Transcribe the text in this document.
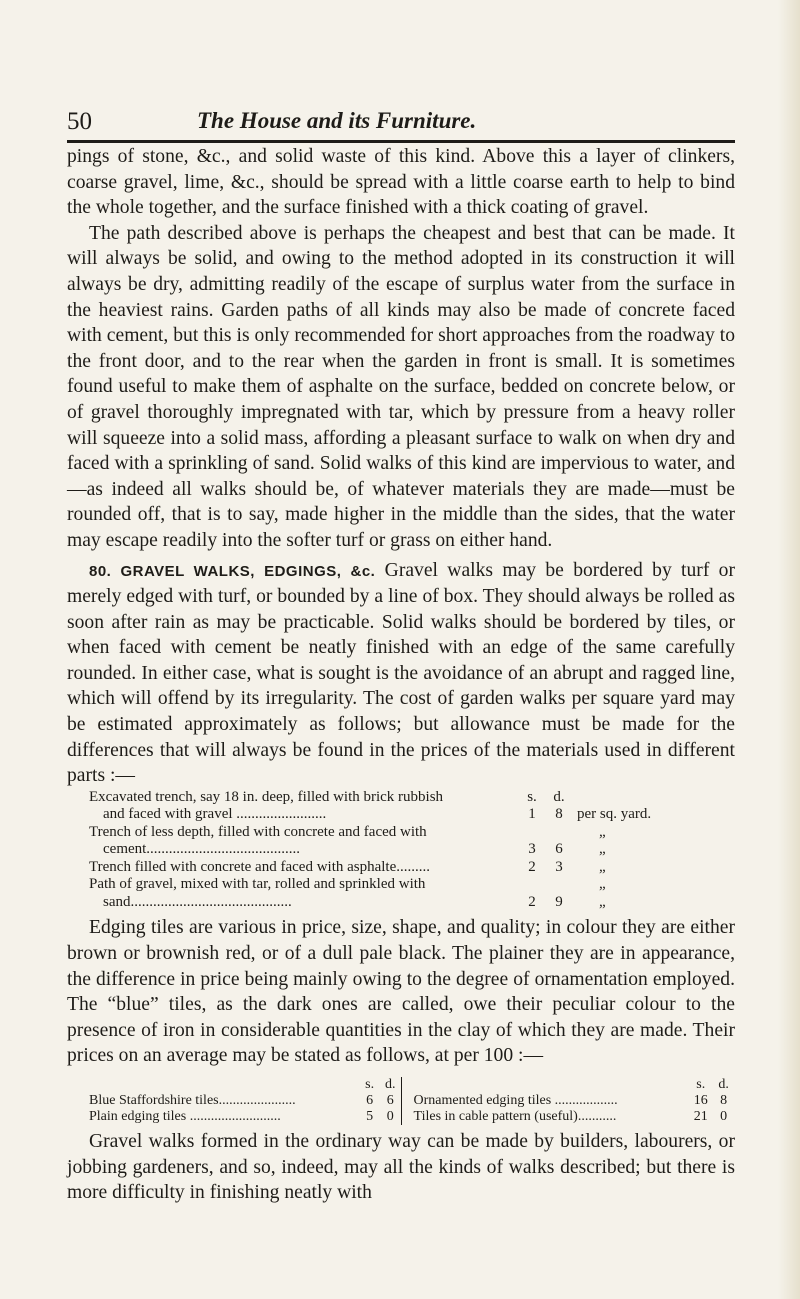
50	The House and its Furniture.

pings of stone, &c., and solid waste of this kind. Above this a layer of clinkers, coarse gravel, lime, &c., should be spread with a little coarse earth to help to bind the whole together, and the surface finished with a thick coating of gravel.

The path described above is perhaps the cheapest and best that can be made. It will always be solid, and owing to the method adopted in its construction it will always be dry, admitting readily of the escape of surplus water from the surface in the heaviest rains. Garden paths of all kinds may also be made of concrete faced with cement, but this is only recommended for short approaches from the roadway to the front door, and to the rear when the garden in front is small. It is sometimes found useful to make them of asphalte on the surface, bedded on concrete below, or of gravel thoroughly impregnated with tar, which by pressure from a heavy roller will squeeze into a solid mass, affording a pleasant surface to walk on when dry and faced with a sprinkling of sand. Solid walks of this kind are impervious to water, and—as indeed all walks should be, of whatever materials they are made—must be rounded off, that is to say, made higher in the middle than the sides, that the water may escape readily into the softer turf or grass on either hand.

80. GRAVEL WALKS, EDGINGS, &c. Gravel walks may be bordered by turf or merely edged with turf, or bounded by a line of box. They should always be rolled as soon after rain as may be practicable. Solid walks should be bordered by tiles, or when faced with cement be neatly finished with an edge of the same carefully rounded. In either case, what is sought is the avoidance of an abrupt and ragged line, which will offend by its irregularity. The cost of garden walks per square yard may be estimated approximately as follows; but allowance must be made for the differences that will always be found in the prices of the materials used in different parts :—

Excavated trench, say 18 in. deep, filled with brick rubbish	s.	d.	
and faced with gravel ........................	1	8	per sq. yard.
Trench of less depth, filled with concrete and faced with			„
cement.........................................	3	6	„
Trench filled with concrete and faced with asphalte.........	2	3	„
Path of gravel, mixed with tar, rolled and sprinkled with			„
sand...........................................	2	9	„

Edging tiles are various in price, size, shape, and quality; in colour they are either brown or brownish red, or of a dull pale black. The plainer they are in appearance, the difference in price being mainly owing to the degree of ornamentation employed. The “blue” tiles, as the dark ones are called, owe their peculiar colour to the presence of iron in considerable quantities in the clay of which they are made. Their prices on an average may be stated as follows, at per 100 :—

	s.	d.
Blue Staffordshire tiles......................	6	6
Plain edging tiles ..........................	5	0

	s.	d.
Ornamented edging tiles ..................	16	8
Tiles in cable pattern (useful)...........	21	0

Gravel walks formed in the ordinary way can be made by builders, labourers, or jobbing gardeners, and so, indeed, may all the kinds of walks described; but there is more difficulty in finishing neatly with
